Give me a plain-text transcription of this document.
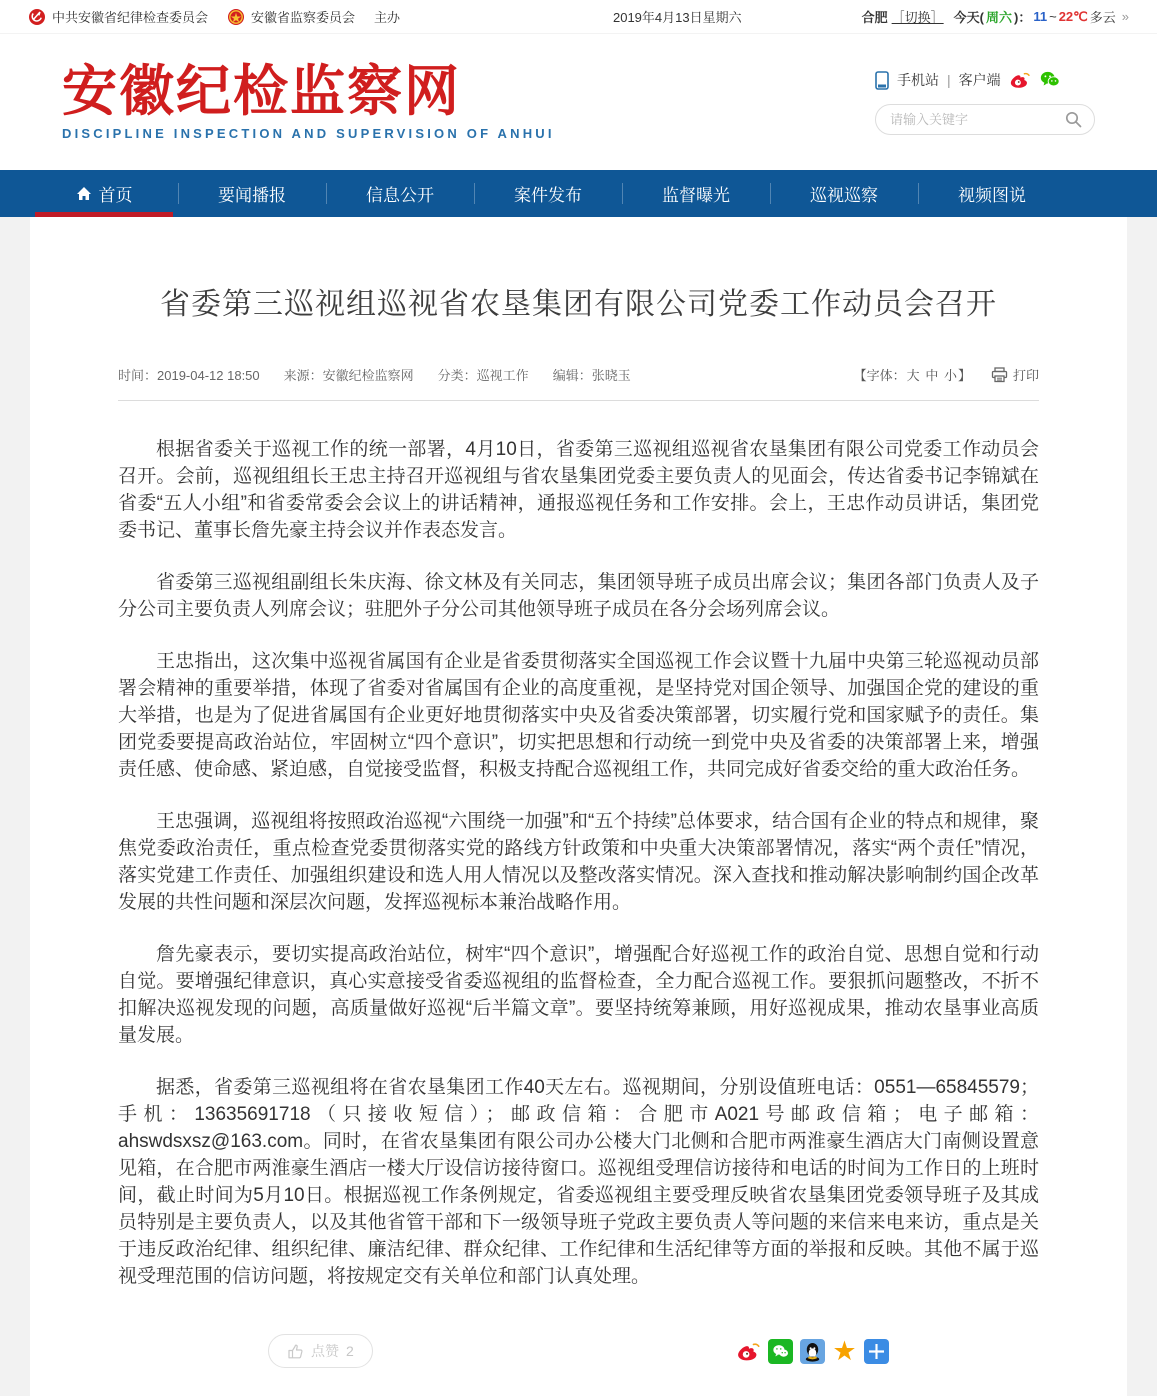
中共安徽省纪律检查委员会	安徽省监察委员会 主办	2019年4月13日星期六	合肥 ［切换］ 今天( 周六 )： 11 ~ 22℃ 多云 »
安徽纪检监察网
DISCIPLINE INSPECTION AND SUPERVISION OF ANHUI
手机站 | 客户端
请输入关键字
首页	要闻播报	信息公开	案件发布	监督曝光	巡视巡察	视频图说
省委第三巡视组巡视省农垦集团有限公司党委工作动员会召开
时间：2019-04-12 18:50 来源：安徽纪检监察网 分类：巡视工作 编辑：张晓玉	【字体：大 中 小】	打印

根据省委关于巡视工作的统一部署，4月10日，省委第三巡视组巡视省农垦集团有限公司党委工作动员会召开。会前，巡视组组长王忠主持召开巡视组与省农垦集团党委主要负责人的见面会，传达省委书记李锦斌在省委“五人小组”和省委常委会会议上的讲话精神，通报巡视任务和工作安排。会上，王忠作动员讲话，集团党委书记、董事长詹先豪主持会议并作表态发言。

省委第三巡视组副组长朱庆海、徐文林及有关同志，集团领导班子成员出席会议；集团各部门负责人及子分公司主要负责人列席会议；驻肥外子分公司其他领导班子成员在各分会场列席会议。

王忠指出，这次集中巡视省属国有企业是省委贯彻落实全国巡视工作会议暨十九届中央第三轮巡视动员部署会精神的重要举措，体现了省委对省属国有企业的高度重视，是坚持党对国企领导、加强国企党的建设的重大举措，也是为了促进省属国有企业更好地贯彻落实中央及省委决策部署，切实履行党和国家赋予的责任。集团党委要提高政治站位，牢固树立“四个意识”，切实把思想和行动统一到党中央及省委的决策部署上来，增强责任感、使命感、紧迫感，自觉接受监督，积极支持配合巡视组工作，共同完成好省委交给的重大政治任务。

王忠强调，巡视组将按照政治巡视“六围绕一加强”和“五个持续”总体要求，结合国有企业的特点和规律，聚焦党委政治责任，重点检查党委贯彻落实党的路线方针政策和中央重大决策部署情况，落实“两个责任”情况，落实党建工作责任、加强组织建设和选人用人情况以及整改落实情况。深入查找和推动解决影响制约国企改革发展的共性问题和深层次问题，发挥巡视标本兼治战略作用。

詹先豪表示，要切实提高政治站位，树牢“四个意识”，增强配合好巡视工作的政治自觉、思想自觉和行动自觉。要增强纪律意识，真心实意接受省委巡视组的监督检查，全力配合巡视工作。要狠抓问题整改，不折不扣解决巡视发现的问题，高质量做好巡视“后半篇文章”。要坚持统筹兼顾，用好巡视成果，推动农垦事业高质量发展。

据悉，省委第三巡视组将在省农垦集团工作40天左右。巡视期间，分别设值班电话：0551—65845579；手机：13635691718（只接收短信）；邮政信箱：合肥市A021号邮政信箱；电子邮箱：ahswdsxsz@163.com。同时，在省农垦集团有限公司办公楼大门北侧和合肥市两淮豪生酒店大门南侧设置意见箱，在合肥市两淮豪生酒店一楼大厅设信访接待窗口。巡视组受理信访接待和电话的时间为工作日的上班时间，截止时间为5月10日。根据巡视工作条例规定，省委巡视组主要受理反映省农垦集团党委领导班子及其成员特别是主要负责人，以及其他省管干部和下一级领导班子党政主要负责人等问题的来信来电来访，重点是关于违反政治纪律、组织纪律、廉洁纪律、群众纪律、工作纪律和生活纪律等方面的举报和反映。其他不属于巡视受理范围的信访问题，将按规定交有关单位和部门认真处理。

点赞 2	★
